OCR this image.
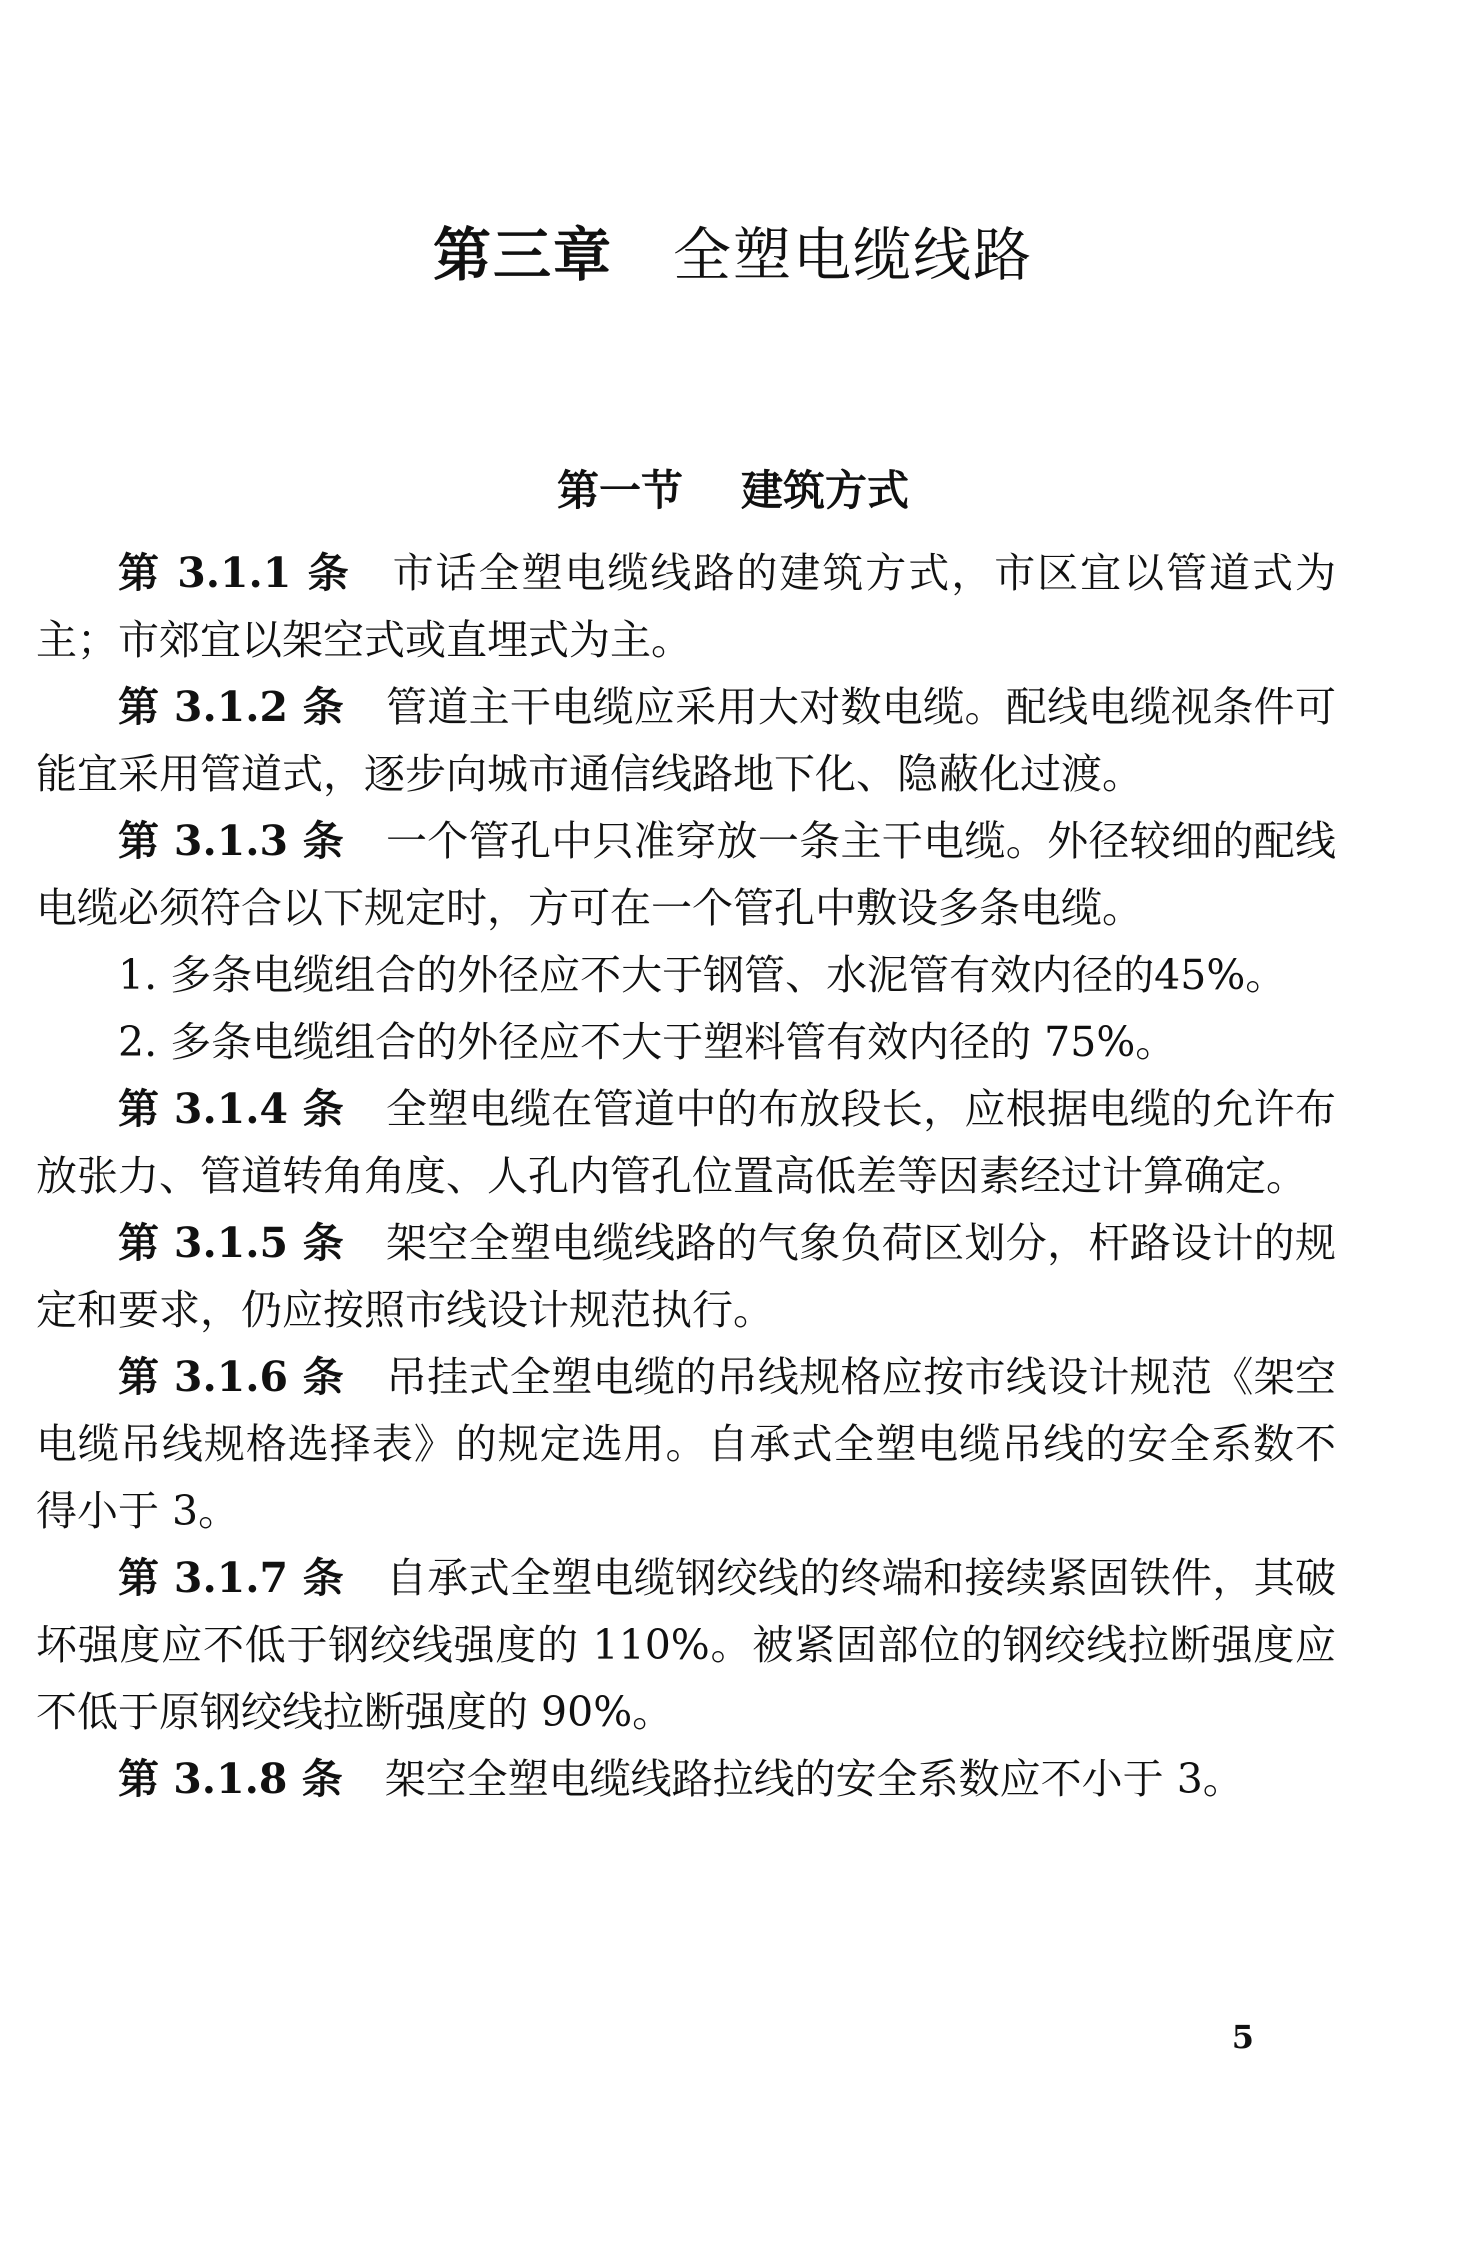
第三章 全塑电缆线路
第一节 建筑方式

第 3.1.1 条 市话全塑电缆线路的建筑方式，市区宜以管道式为主；市郊宜以架空式或直埋式为主。

第 3.1.2 条 管道主干电缆应采用大对数电缆。配线电缆视条件可能宜采用管道式，逐步向城市通信线路地下化、隐蔽化过渡。

第 3.1.3 条 一个管孔中只准穿放一条主干电缆。外径较细的配线电缆必须符合以下规定时，方可在一个管孔中敷设多条电缆。

1. 多条电缆组合的外径应不大于钢管、水泥管有效内径的45%。

2. 多条电缆组合的外径应不大于塑料管有效内径的 75%。

第 3.1.4 条 全塑电缆在管道中的布放段长，应根据电缆的允许布放张力、管道转角角度、人孔内管孔位置高低差等因素经过计算确定。

第 3.1.5 条 架空全塑电缆线路的气象负荷区划分，杆路设计的规定和要求，仍应按照市线设计规范执行。

第 3.1.6 条 吊挂式全塑电缆的吊线规格应按市线设计规范《架空电缆吊线规格选择表》的规定选用。自承式全塑电缆吊线的安全系数不得小于 3。

第 3.1.7 条 自承式全塑电缆钢绞线的终端和接续紧固铁件，其破坏强度应不低于钢绞线强度的 110%。被紧固部位的钢绞线拉断强度应不低于原钢绞线拉断强度的 90%。

第 3.1.8 条 架空全塑电缆线路拉线的安全系数应不小于 3。

5
